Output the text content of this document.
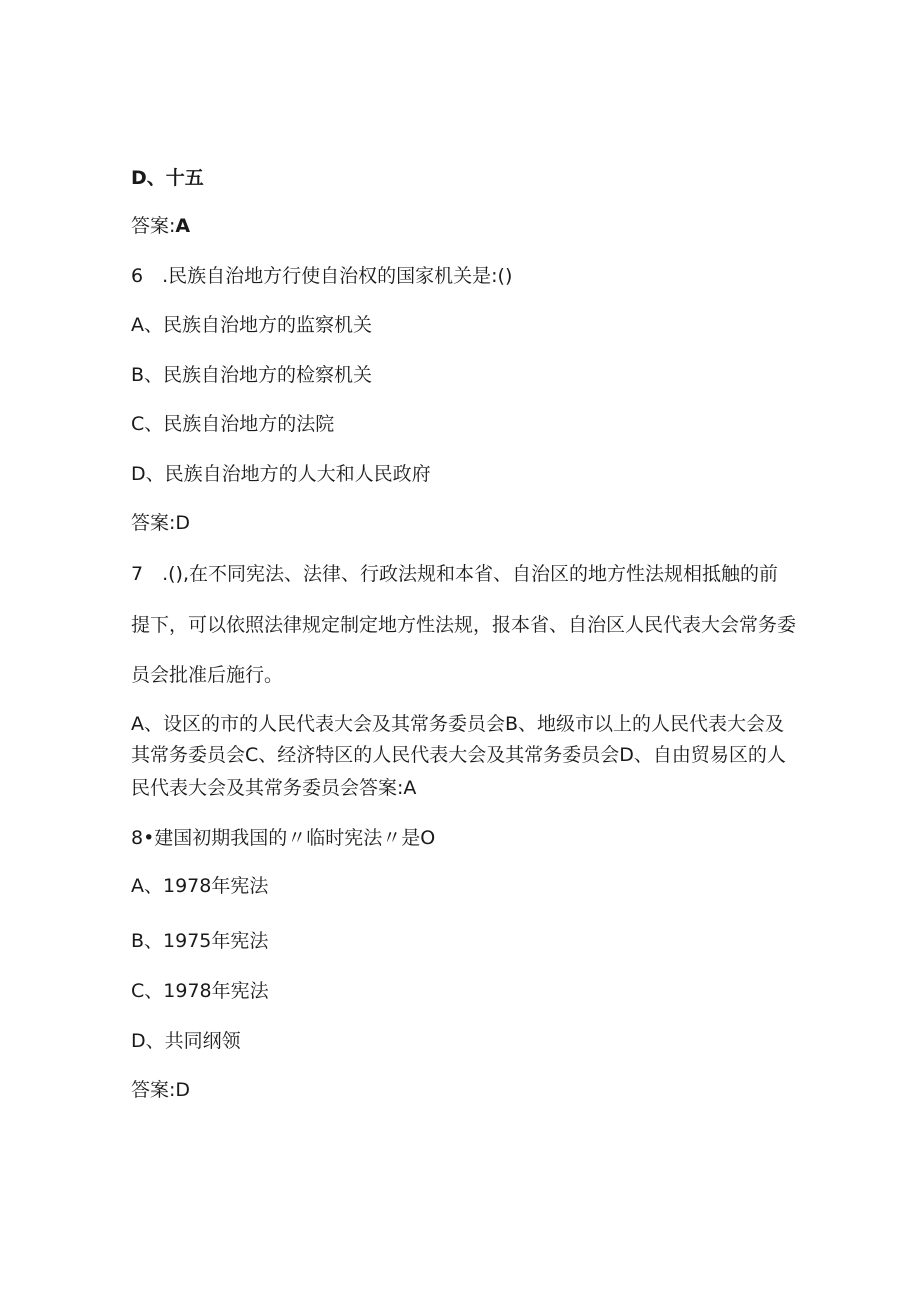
D、十五
答案:A
6　.民族自治地方行使自治权的国家机关是:()
A、民族自治地方的监察机关
B、民族自治地方的检察机关
C、民族自治地方的法院
D、民族自治地方的人大和人民政府
答案:D
7　.(),在不同宪法、法律、行政法规和本省、自治区的地方性法规相抵触的前
提下，可以依照法律规定制定地方性法规，报本省、自治区人民代表大会常务委
员会批准后施行。
A、设区的市的人民代表大会及其常务委员会B、地级市以上的人民代表大会及
其常务委员会C、经济特区的人民代表大会及其常务委员会D、自由贸易区的人
民代表大会及其常务委员会答案:A
8•建国初期我国的〃临时宪法〃是O
A、1978年宪法
B、1975年宪法
C、1978年宪法
D、共同纲领
答案:D
